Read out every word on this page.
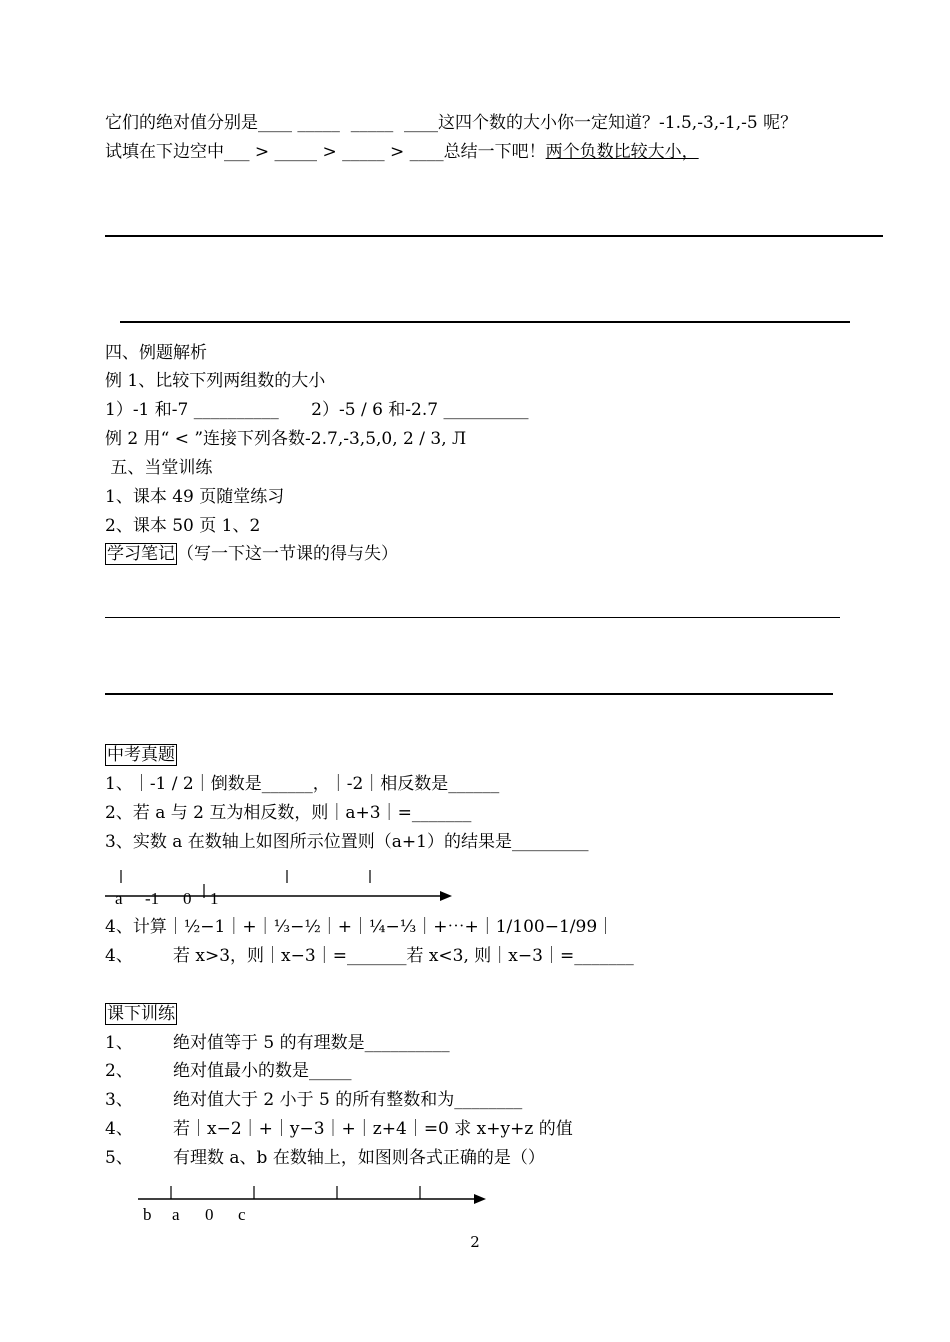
它们的绝对值分别是____ _____  _____  ____这四个数的大小你一定知道？-1.5,-3,-1,-5 呢？
试填在下边空中___ > _____ > _____ > ____总结一下吧！两个负数比较大小，
四、例题解析
例 1、比较下列两组数的大小
1）-1 和-7 __________      2）-5 / 6 和-2.7 __________
例 2 用“ < ”连接下列各数-2.7,-3,5,0, 2 / 3, Л
五、当堂训练
1、课本 49 页随堂练习
2、课本 50 页 1、2
学习笔记 （写一下这一节课的得与失）
中考真题
1、｜-1 / 2｜倒数是______，｜-2｜相反数是______
2、若 a 与 2 互为相反数，则｜a+3｜=_______
3、实数 a 在数轴上如图所示位置则（a+1）的结果是_________
a -1 0 1
4、计算｜½−1｜+｜⅓−½｜+｜¼−⅓｜+⋯+｜1/100−1/99｜
4、 若 x>3，则｜x−3｜=_______若 x<3, 则｜x−3｜=_______
课下训练
1、 绝对值等于 5 的有理数是__________
2、 绝对值最小的数是_____
3、 绝对值大于 2 小于 5 的所有整数和为________
4、 若｜x−2｜+｜y−3｜+｜z+4｜=0 求 x+y+z 的值
5、 有理数 a、b 在数轴上，如图则各式正确的是（）
b a 0 c
2
